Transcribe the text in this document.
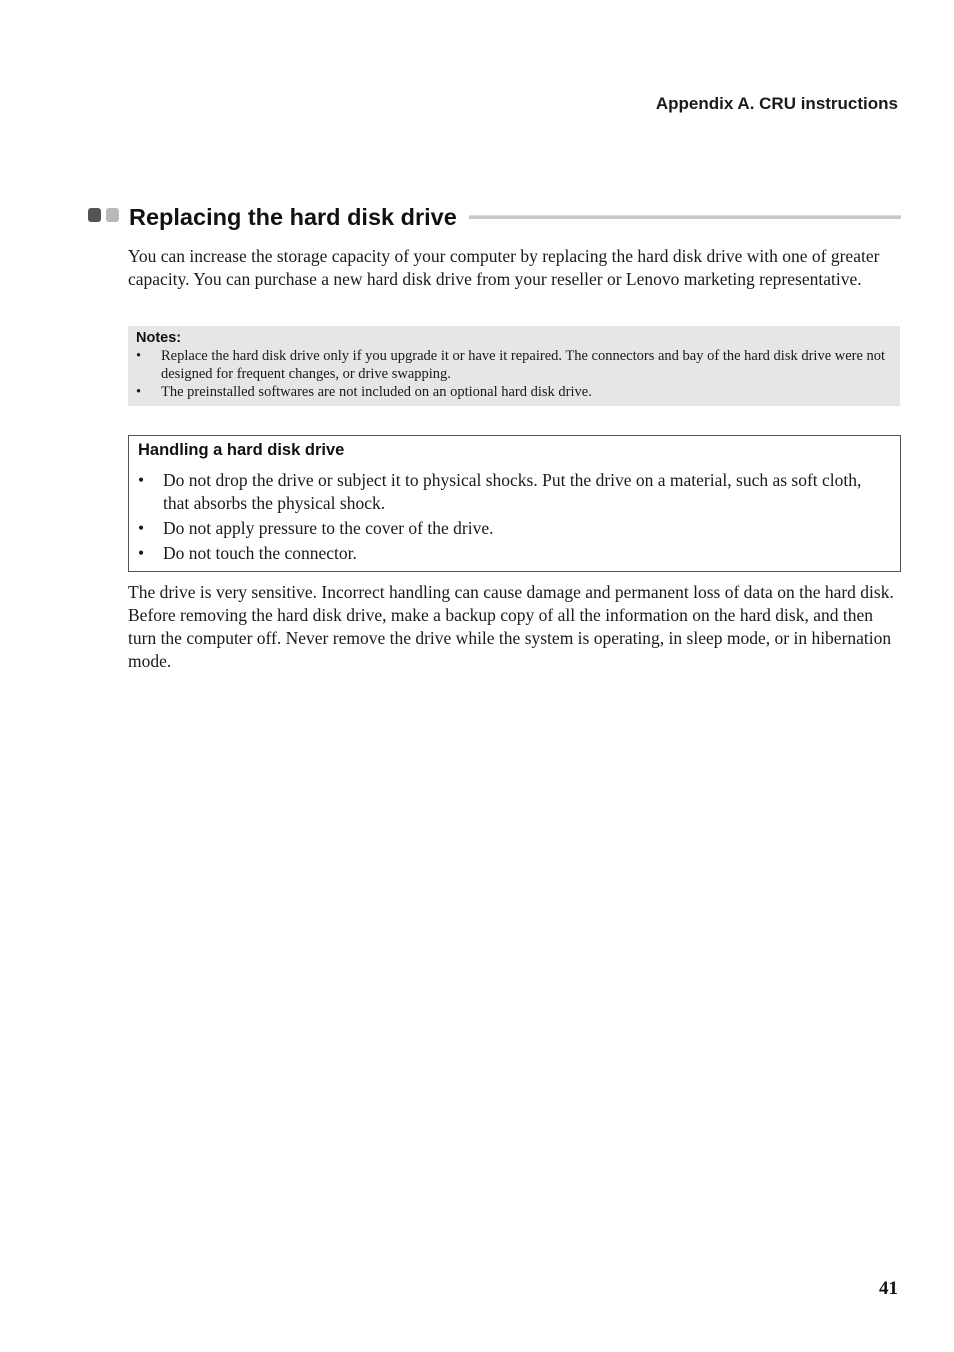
Appendix A. CRU instructions
Replacing the hard disk drive

You can increase the storage capacity of your computer by replacing the hard disk drive with one of greater capacity. You can purchase a new hard disk drive from your reseller or Lenovo marketing representative.

Notes:

• Replace the hard disk drive only if you upgrade it or have it repaired. The connectors and bay of the hard disk drive were not designed for frequent changes, or drive swapping.
• The preinstalled softwares are not included on an optional hard disk drive.

Handling a hard disk drive

• Do not drop the drive or subject it to physical shocks. Put the drive on a material, such as soft cloth, that absorbs the physical shock.
• Do not apply pressure to the cover of the drive.
• Do not touch the connector.

The drive is very sensitive. Incorrect handling can cause damage and permanent loss of data on the hard disk. Before removing the hard disk drive, make a backup copy of all the information on the hard disk, and then turn the computer off. Never remove the drive while the system is operating, in sleep mode, or in hibernation mode.

41
